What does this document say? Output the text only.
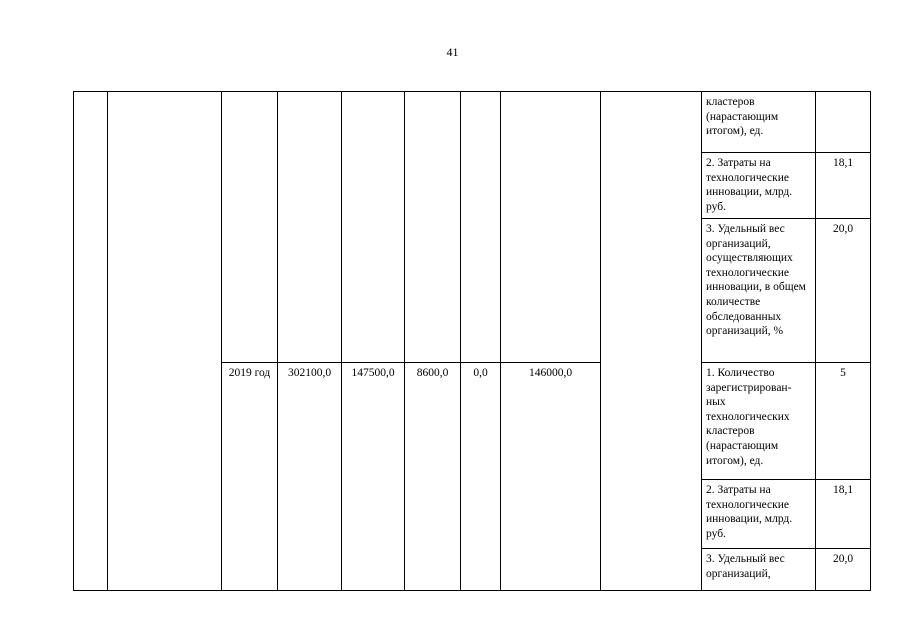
41
									кластеров (нарастающим итогом), ед.	
									2. Затраты на технологические инновации, млрд. руб.	18,1
									3. Удельный вес организаций, осуществляющих технологические инновации, в общем количестве обследованных организаций, %	20,0
		2019 год	302100,0	147500,0	8600,0	0,0	146000,0		1. Количество зарегистрирован-ных технологических кластеров (нарастающим итогом), ед.	5
									2. Затраты на технологические инновации, млрд. руб.	18,1
									3. Удельный вес организаций,	20,0
